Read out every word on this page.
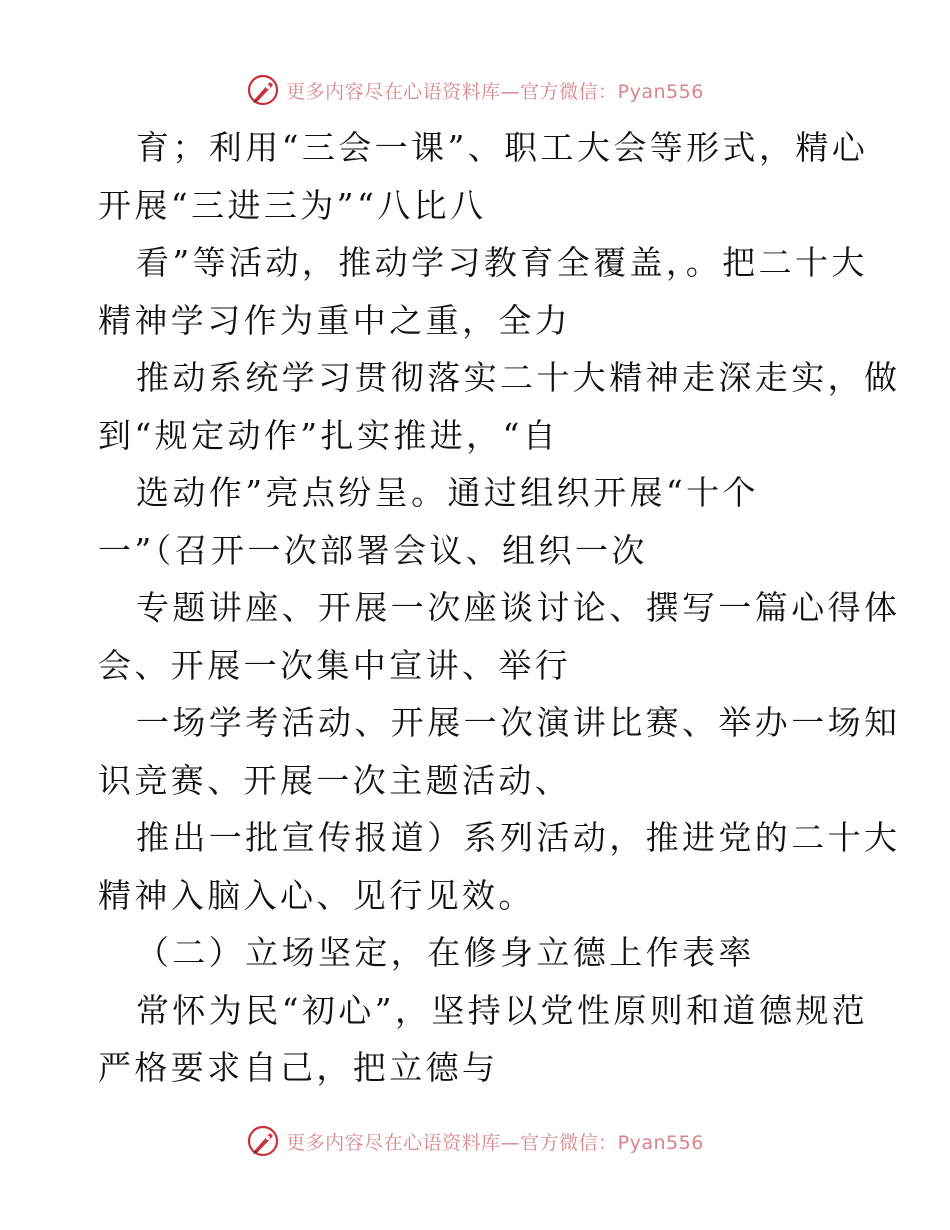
更多内容尽在心语资料库—官方微信：Pyan556

育；利用“三会一课”、职工大会等形式，精心

开展“三进三为”“八比八

看”等活动，推动学习教育全覆盖，。把二十大

精神学习作为重中之重，全力

推动系统学习贯彻落实二十大精神走深走实，做

到“规定动作”扎实推进，“自

选动作”亮点纷呈。通过组织开展“十个

一”（召开一次部署会议、组织一次

专题讲座、开展一次座谈讨论、撰写一篇心得体

会、开展一次集中宣讲、举行

一场学考活动、开展一次演讲比赛、举办一场知

识竞赛、开展一次主题活动、

推出一批宣传报道）系列活动，推进党的二十大

精神入脑入心、见行见效。

（二）立场坚定，在修身立德上作表率

常怀为民“初心”，坚持以党性原则和道德规范

严格要求自己，把立德与

更多内容尽在心语资料库—官方微信：Pyan556
